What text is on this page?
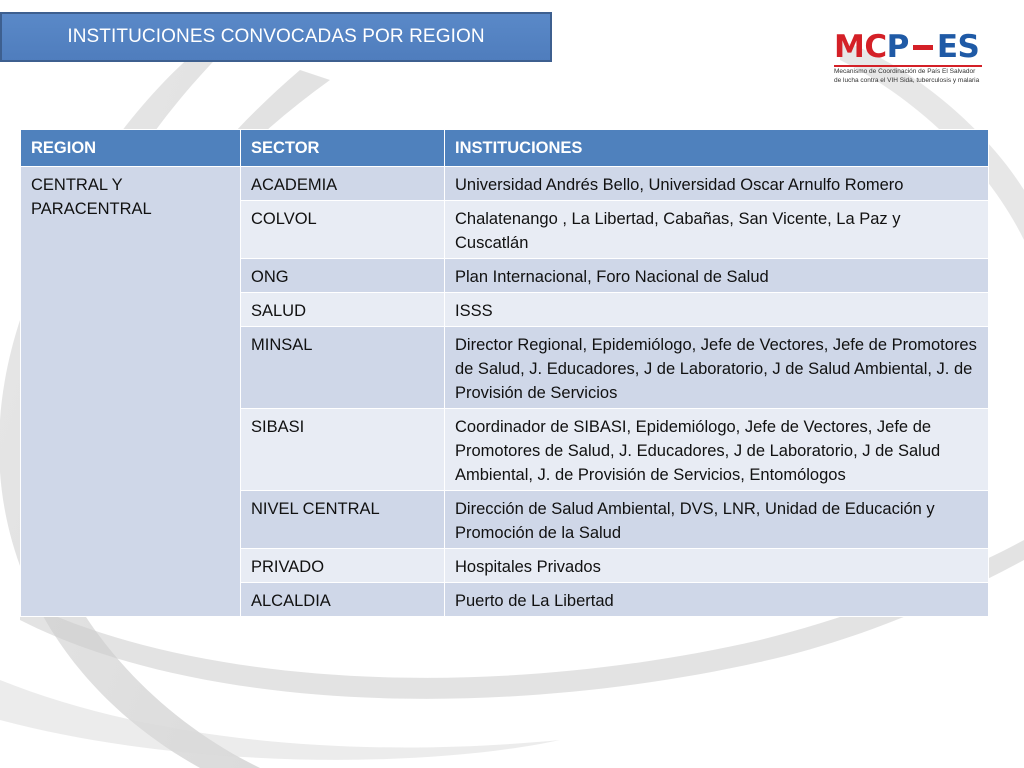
INSTITUCIONES CONVOCADAS POR REGION	MC P ES
Mecanismo de Coordinación de País El Salvador
de lucha contra el VIH Sida, tuberculosis y malaria
REGION	SECTOR	INSTITUCIONES
CENTRAL Y PARACENTRAL	ACADEMIA	Universidad Andrés Bello, Universidad Oscar Arnulfo Romero
	COLVOL	Chalatenango , La Libertad, Cabañas, San Vicente, La Paz y Cuscatlán
	ONG	Plan Internacional, Foro Nacional de Salud
	SALUD	ISSS
	MINSAL	Director Regional, Epidemiólogo, Jefe de Vectores, Jefe de Promotores de Salud, J. Educadores, J de Laboratorio, J de Salud Ambiental, J. de Provisión de Servicios
	SIBASI	Coordinador de SIBASI, Epidemiólogo, Jefe de Vectores, Jefe de Promotores de Salud, J. Educadores, J de Laboratorio, J de Salud Ambiental, J. de Provisión de Servicios, Entomólogos
	NIVEL CENTRAL	Dirección de Salud Ambiental, DVS, LNR, Unidad de Educación y Promoción de la Salud
	PRIVADO	Hospitales Privados
	ALCALDIA	Puerto de La Libertad
